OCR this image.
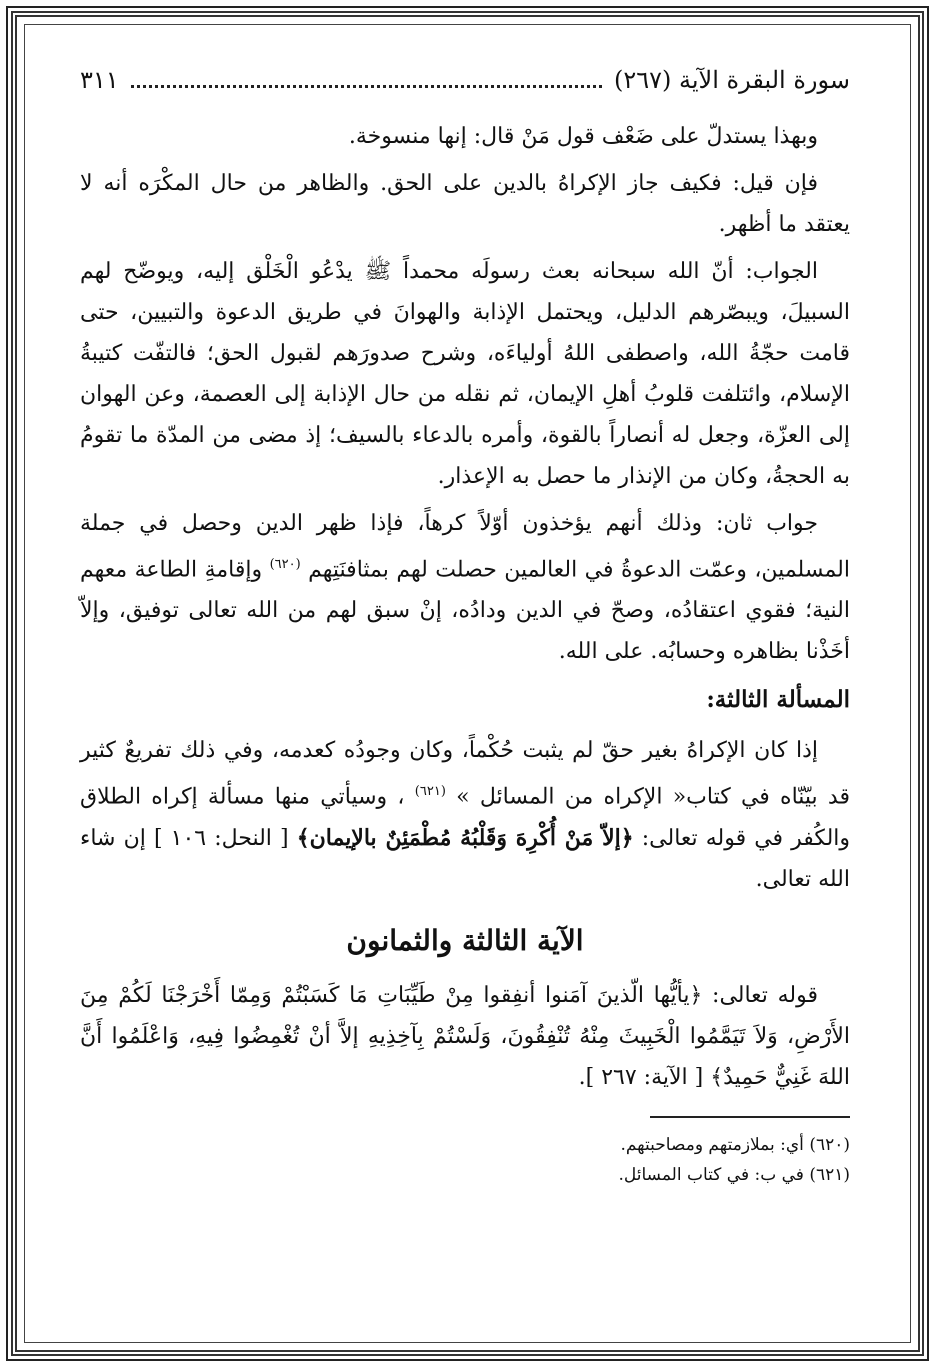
سورة البقرة الآية (٢٦٧)
٣١١

وبهذا يستدلّ على ضَعْف قول مَنْ قال: إنها منسوخة.

فإن قيل: فكيف جاز الإكراهُ بالدين على الحق. والظاهر من حال المكْرَه أنه لا يعتقد ما أظهر.

الجواب: أنّ الله سبحانه بعث رسولَه محمداً ﷺ يدْعُو الْخَلْق إليه، ويوضّح لهم السبيلَ، ويبصّرهم الدليل، ويحتمل الإذابة والهوانَ في طريق الدعوة والتبيين، حتى قامت حجّةُ الله، واصطفى اللهُ أولياءَه، وشرح صدورَهم لقبول الحق؛ فالتفّت كتيبةُ الإسلام، وائتلفت قلوبُ أهلِ الإيمان، ثم نقله من حال الإذابة إلى العصمة، وعن الهوان إلى العزّة، وجعل له أنصاراً بالقوة، وأمره بالدعاء بالسيف؛ إذ مضى من المدّة ما تقومُ به الحجةُ، وكان من الإنذار ما حصل به الإعذار.

جواب ثان: وذلك أنهم يؤخذون أوّلاً كرهاً، فإذا ظهر الدين وحصل في جملة المسلمين، وعمّت الدعوةُ في العالمين حصلت لهم بمثافنَتِهم $^{(٦٢٠)}$ وإقامةِ الطاعة معهم النية؛ فقوي اعتقادُه، وصحّ في الدين ودادُه، إنْ سبق لهم من الله تعالى توفيق، وإلاّ أخَذْنا بظاهره وحسابُه. على الله.

المسألة الثالثة:

إذا كان الإكراهُ بغير حقّ لم يثبت حُكْماً، وكان وجودُه كعدمه، وفي ذلك تفريعٌ كثير قد بيّنّاه في كتاب« الإكراه من المسائل » $^{(٦٢١)}$ ، وسيأتي منها مسألة إكراه الطلاق والكُفر في قوله تعالى: ﴿إلاّ مَنْ أُكْرِهَ وَقَلْبُهُ مُطْمَئِنٌ بالإيمان﴾ [ النحل: ١٠٦ ] إن شاء الله تعالى.

الآية الثالثة والثمانون

قوله تعالى: ﴿يأيُّها الّذينَ آمَنوا أنفِقوا مِنْ طَيِّبَاتِ مَا كَسَبْتُمْ وَمِمّا أَخْرَجْنَا لَكُمْ مِنَ الأَرْضِ، وَلاَ تَيَمَّمُوا الْخَبِيثَ مِنْهُ تُنْفِقُونَ، وَلَسْتُمْ بِآخِذِيهِ إلاَّ أنْ تُغْمِضُوا فِيهِ، وَاعْلَمُوا أَنَّ اللهَ غَنِيٌّ حَمِيدٌ﴾ [ الآية: ٢٦٧ ].

(٦٢٠) أي: بملازمتهم ومصاحبتهم.

(٦٢١) في ب: في كتاب المسائل.
